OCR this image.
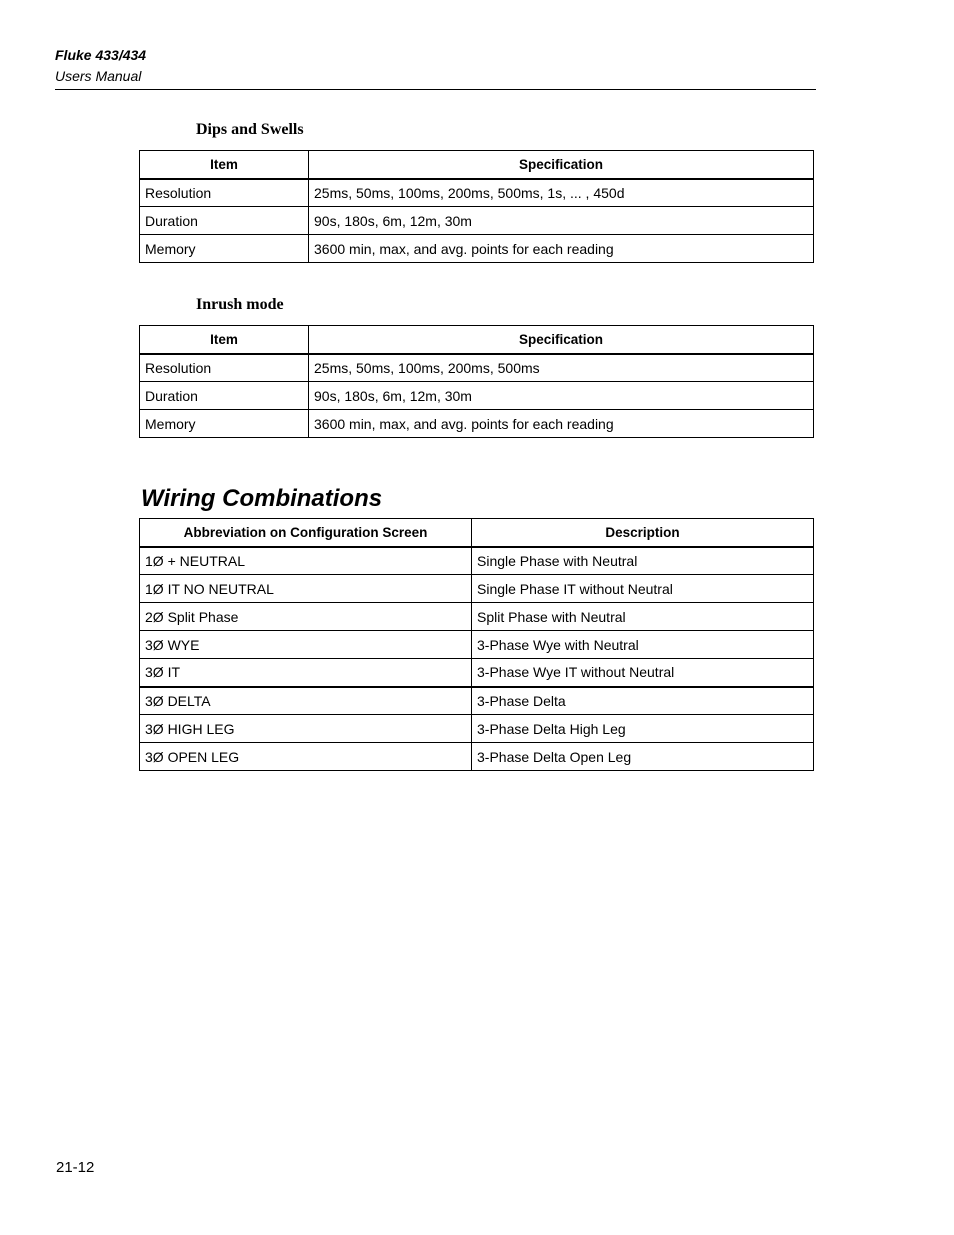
Fluke 433/434
Users Manual
Dips and Swells
Item	Specification
Resolution	25ms, 50ms, 100ms, 200ms, 500ms, 1s, ... , 450d
Duration	90s, 180s, 6m, 12m, 30m
Memory	3600 min, max, and avg. points for each reading
Inrush mode
Item	Specification
Resolution	25ms, 50ms, 100ms, 200ms, 500ms
Duration	90s, 180s, 6m, 12m, 30m
Memory	3600 min, max, and avg. points for each reading
Wiring Combinations
Abbreviation on Configuration Screen	Description
1Ø + NEUTRAL	Single Phase with Neutral
1Ø IT NO NEUTRAL	Single Phase IT without Neutral
2Ø Split Phase	Split Phase with Neutral
3Ø WYE	3-Phase Wye with Neutral
3Ø IT	3-Phase Wye IT without Neutral
3Ø DELTA	3-Phase Delta
3Ø HIGH LEG	3-Phase Delta High Leg
3Ø OPEN LEG	3-Phase Delta Open Leg
21-12
